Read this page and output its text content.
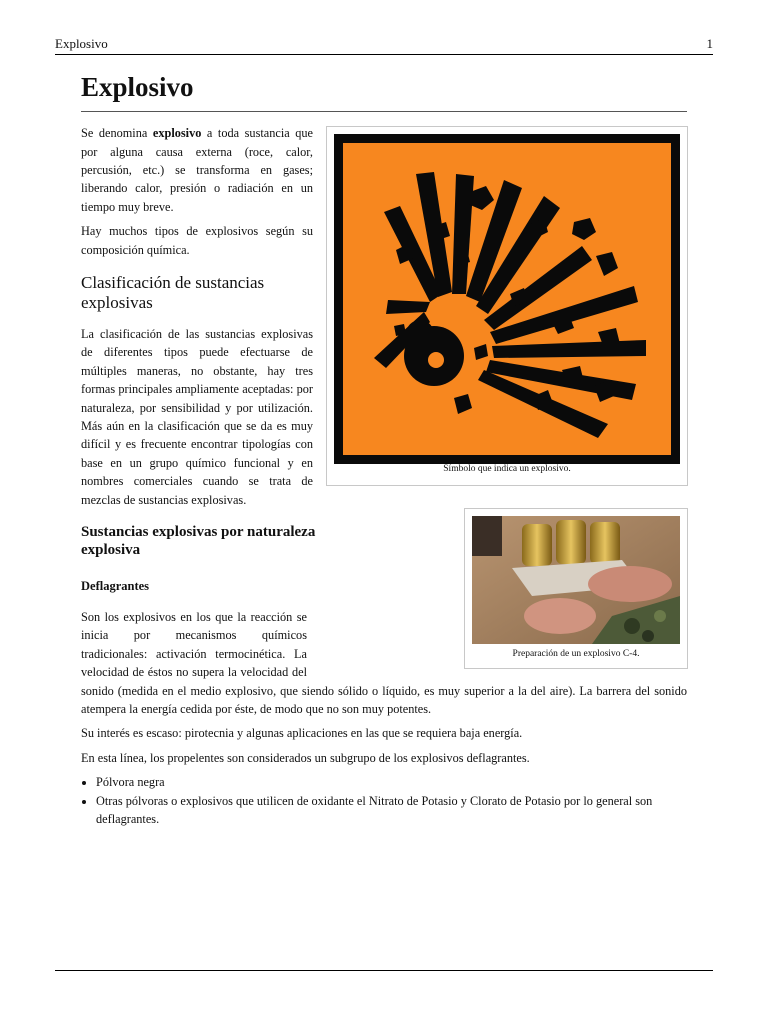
Explosivo	1
Explosivo

Se denomina explosivo a toda sustancia que por alguna causa externa (roce, calor, percusión, etc.) se transforma en gases; liberando calor, presión o radiación en un tiempo muy breve.

Hay muchos tipos de explosivos según su composición química.

Clasificación de sustancias explosivas

La clasificación de las sustancias explosivas de diferentes tipos puede efectuarse de múltiples maneras, no obstante, hay tres formas principales ampliamente aceptadas: por naturaleza, por sensibilidad y por utilización. Más aún en la clasificación que se da es muy difícil y es frecuente encontrar tipologías con base en un grupo químico funcional y en nombres comerciales cuando se trata de mezclas de sustancias explosivas.

Sustancias explosivas por naturaleza explosiva
Deflagrantes

Son los explosivos en los que la reacción se inicia por mecanismos químicos tradicionales: activación termocinética. La velocidad de éstos no supera la velocidad del sonido (medida en el medio explosivo, que siendo sólido o líquido, es muy superior a la del aire). La barrera del sonido atempera la energía cedida por éste, de modo que no son muy potentes.

Su interés es escaso: pirotecnia y algunas aplicaciones en las que se requiera baja energía.

En esta línea, los propelentes son considerados un subgrupo de los explosivos deflagrantes.

• Pólvora negra
• Otras pólvoras o explosivos que utilicen de oxidante el Nitrato de Potasio y Clorato de Potasio por lo general son deflagrantes.
Símbolo que indica un explosivo.
Preparación de un explosivo C-4.
